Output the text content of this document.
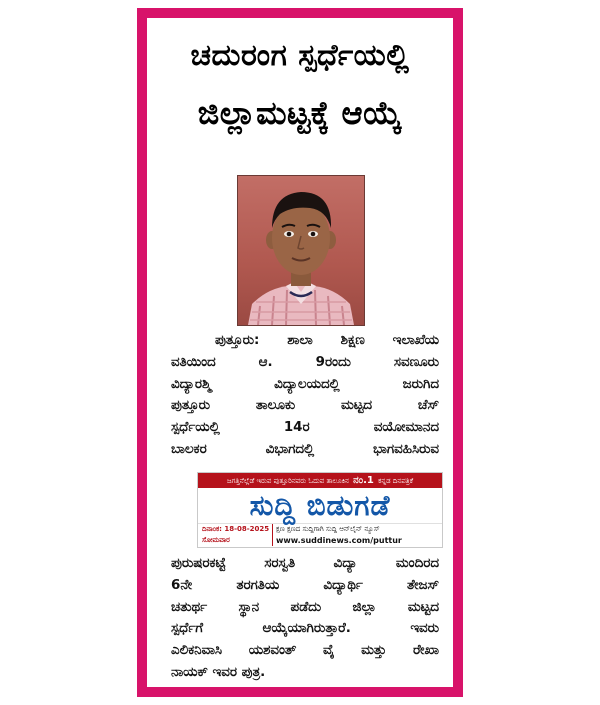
ಚದುರಂಗ ಸ್ಪರ್ಧೆಯಲ್ಲಿ
ಜಿಲ್ಲಾಮಟ್ಟಕ್ಕೆ ಆಯ್ಕೆ

ಪುತ್ತೂರು: ಶಾಲಾ ಶಿಕ್ಷಣ ಇಲಾಖೆಯ
ವತಿಯಿಂದ ಆ. 9ರಂದು ಸವಣೂರು
ವಿದ್ಯಾರಶ್ಮಿ ವಿದ್ಯಾಲಯದಲ್ಲಿ ಜರುಗಿದ
ಪುತ್ತೂರು ತಾಲೂಕು ಮಟ್ಟದ ಚೆಸ್
ಸ್ಪರ್ಧೆಯಲ್ಲಿ 14ರ ವಯೋಮಾನದ
ಬಾಲಕರ ವಿಭಾಗದಲ್ಲಿ ಭಾಗವಹಿಸಿರುವ

ಜಗತ್ತಿನೆಲ್ಲೆಡೆ ಇರುವ ಪುತ್ತೂರಿನವರು ಓದುವ ತಾಲೂಕಿನ ನಂ.1 ಕನ್ನಡ ದಿನಪತ್ರಿಕೆ
ಸುದ್ದಿ ಬಿಡುಗಡೆ
ದಿನಾಂಕ: 18-08-2025
ಸೋಮವಾರ
ಕ್ಷಣ ಕ್ಷಣದ ಸುದ್ದಿಗಾಗಿ ಸುದ್ದಿ ಆನ್‌ಲೈನ್ ನ್ಯೂಸ್
www.suddinews.com/puttur

ಪುರುಷರಕಟ್ಟೆ ಸರಸ್ವತಿ ವಿದ್ಯಾ ಮಂದಿರದ
6ನೇ ತರಗತಿಯ ವಿದ್ಯಾರ್ಥಿ ತೇಜಸ್
ಚತುರ್ಥ ಸ್ಥಾನ ಪಡೆದು ಜಿಲ್ಲಾ ಮಟ್ಟದ
ಸ್ಪರ್ಧೆಗೆ ಆಯ್ಕೆಯಾಗಿರುತ್ತಾರೆ. ಇವರು
ಎಲಿಕನಿವಾಸಿ ಯಶವಂತ್ ವೈ ಮತ್ತು ರೇಖಾ
ನಾಯಕ್ ಇವರ ಪುತ್ರ.
